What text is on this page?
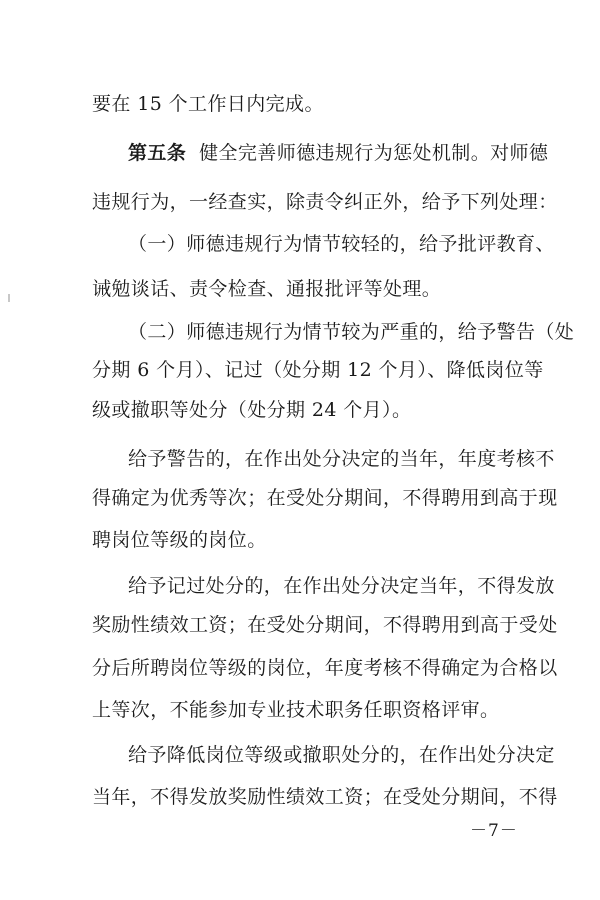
要在 15 个工作日内完成。
第五条 健全完善师德违规行为惩处机制。对师德
违规行为，一经查实，除责令纠正外，给予下列处理：
（一）师德违规行为情节较轻的，给予批评教育、
诫勉谈话、责令检查、通报批评等处理。
（二）师德违规行为情节较为严重的，给予警告（处
分期 6 个月）、记过（处分期 12 个月）、降低岗位等
级或撤职等处分（处分期 24 个月）。
给予警告的，在作出处分决定的当年，年度考核不
得确定为优秀等次；在受处分期间，不得聘用到高于现
聘岗位等级的岗位。
给予记过处分的，在作出处分决定当年，不得发放
奖励性绩效工资；在受处分期间，不得聘用到高于受处
分后所聘岗位等级的岗位，年度考核不得确定为合格以
上等次，不能参加专业技术职务任职资格评审。
给予降低岗位等级或撤职处分的，在作出处分决定
当年，不得发放奖励性绩效工资；在受处分期间，不得
－7－
